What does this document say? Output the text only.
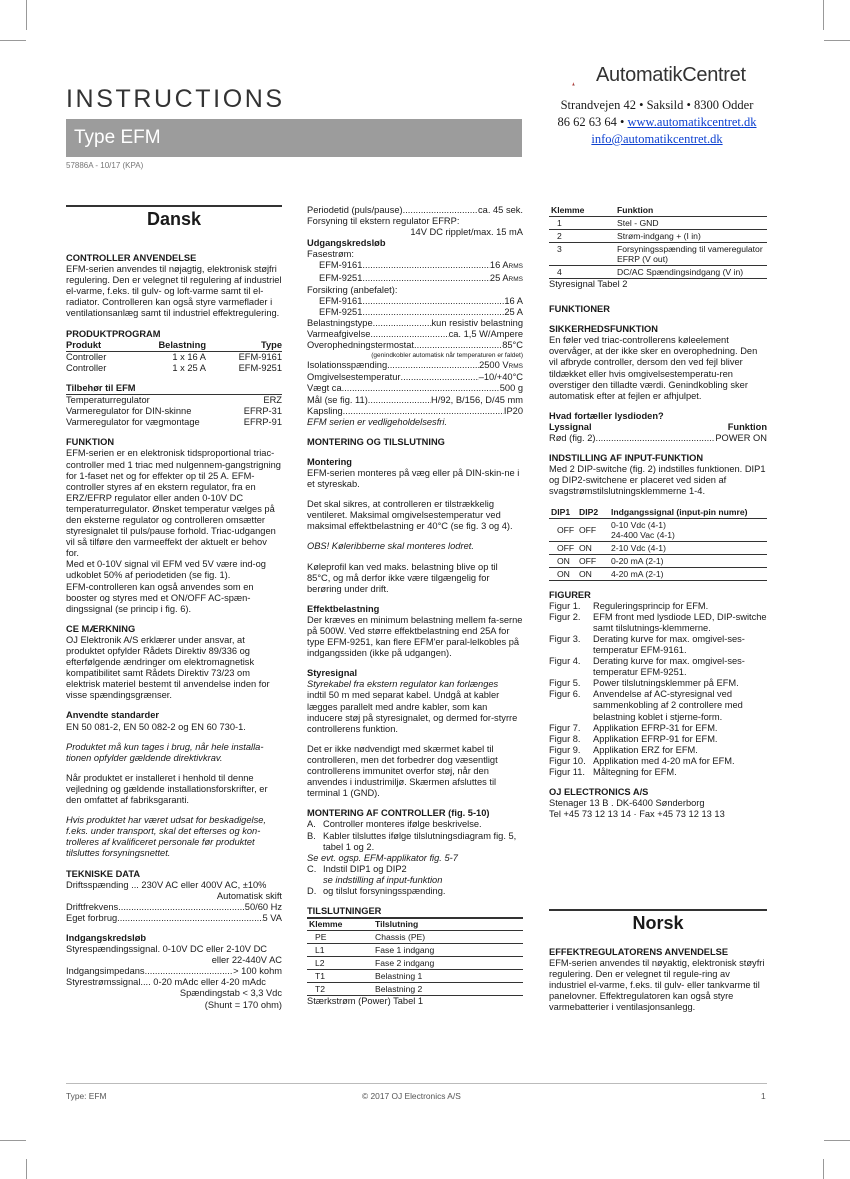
INSTRUCTIONS
Type EFM
57886A - 10/17 (KPA)
AutomatikCentret
Strandvejen 42 • Saksild • 8300 Odder
86 62 63 64 • www.automatikcentret.dk
info@automatikcentret.dk
Dansk
CONTROLLER ANVENDELSE

EFM-serien anvendes til nøjagtig, elektronisk støjfri regulering. Den er velegnet til regulering af industriel el-varme, f.eks. til gulv- og loft-varme samt til el-radiator. Controlleren kan også styre varmeflader i ventilationsanlæg samt til industriel effektregulering.

PRODUKTPROGRAM
Produkt	Belastning	Type
Controller	1 x 16 A	EFM-9161
Controller	1 x 25 A	EFM-9251
Tilbehør til EFM
Temperaturregulator	ERZ
Varmeregulator for DIN-skinne	EFRP-31
Varmeregulator for vægmontage	EFRP-91
FUNKTION

EFM-serien er en elektronisk tidsproportional triac-controller med 1 triac med nulgennem-gangstrigning for 1-faset net og for effekter op til 25 A. EFM-controller styres af en ekstern regulator, fra en ERZ/EFRP regulator eller anden 0-10V DC temperaturregulator. Ønsket temperatur vælges på den eksterne regulator og controlleren omsætter styresignalet til puls/pause forhold. Triac-udgangen vil så tilføre den varmeeffekt der aktuelt er behov for.

Med et 0-10V signal vil EFM ved 5V være ind-og udkoblet 50% af periodetiden (se fig. 1).

EFM-controlleren kan også anvendes som en booster og styres med et ON/OFF AC-spæn-dingssignal (se princip i fig. 6).

CE MÆRKNING

OJ Elektronik A/S erklærer under ansvar, at produktet opfylder Rådets Direktiv 89/336 og efterfølgende ændringer om elektromagnetisk kompatibilitet samt Rådets Direktiv 73/23 om elektrisk materiel bestemt til anvendelse inden for visse spændingsgrænser.

Anvendte standarder

EN 50 081-2, EN 50 082-2 og EN 60 730-1.

Produktet må kun tages i brug, når hele installa-tionen opfylder gældende direktivkrav.

Når produktet er installeret i henhold til denne vejledning og gældende installationsforskrifter, er den omfattet af fabriksgaranti.

Hvis produktet har været udsat for beskadigelse, f.eks. under transport, skal det efterses og kon-trolleres af kvalificeret personale før produktet tilsluttes forsyningsnettet.

TEKNISKE DATA

Driftsspænding ... 230V AC eller 400V AC, ±10%

Automatisk skift

Driftfrekvens .....	50/60 Hz
Eget forbrug .....	5 VA
Indgangskredsløb

Styrespændingssignal. 0-10V DC eller 2-10V DC

eller 22-440V AC

Indgangsimpedans .....	> 100 kohm

Styrestrømssignal.... 0-20 mAdc eller 4-20 mAdc

Spændingstab < 3,3 Vdc

(Shunt = 170 ohm)

Periodetid (puls/pause) .....	ca. 45 sek.

Forsyning til ekstern regulator EFRP:

14V DC ripplet/max. 15 mA

Udgangskredsløb

Fasestrøm:

EFM-9161 .....	16 ARMS
EFM-9251 .....	25 ARMS

Forsikring (anbefalet):

EFM-9161 .....	16 A
EFM-9251 .....	25 A
Belastningstype .....	kun resistiv belastning
Varmeafgivelse .....	ca. 1,5 W/Ampere
Overophedningstermostat .....	85°C

(genindkobler automatisk når temperaturen er faldet)

Isolationsspænding .....	2500 VRMS
Omgivelsestemperatur .....	–10/+40°C
Vægt ca. .....	500 g
Mål (se fig. 11) .....	H/92, B/156, D/45 mm
Kapsling .....	IP20

EFM serien er vedligeholdelsesfri.

MONTERING OG TILSLUTNING
Montering

EFM-serien monteres på væg eller på DIN-skin-ne i et styreskab.

Det skal sikres, at controlleren er tilstrækkelig ventileret. Maksimal omgivelsestemperatur ved maksimal effektbelastning er 40°C (se fig. 3 og 4).

OBS! Køleribberne skal monteres lodret.

Køleprofil kan ved maks. belastning blive op til 85°C, og må derfor ikke være tilgængelig for berøring under drift.

Effektbelastning

Der kræves en minimum belastning mellem fa-serne på 500W. Ved større effektbelastning end 25A for type EFM-9251, kan flere EFM'er paral-lelkobles på indgangssiden (ikke på udgangen).

Styresignal

Styrekabel fra ekstern regulator kan forlænges

indtil 50 m med separat kabel. Undgå at kabler lægges parallelt med andre kabler, som kan inducere støj på styresignalet, og dermed for-styrre controllerens funktion.

Det er ikke nødvendigt med skærmet kabel til controlleren, men det forbedrer dog væsentligt controllerens immunitet overfor støj, når den anvendes i industrimiljø. Skærmen afsluttes til terminal 1 (GND).

MONTERING AF CONTROLLER (fig. 5-10)
A. Controller monteres ifølge beskrivelse.
B. Kabler tilsluttes ifølge tilslutningsdiagram fig. 5, tabel 1 og 2.

Se evt. ogsp. EFM-applikator fig. 5-7

C. Indstil DIP1 og DIP2

se indstilling af input-funktion

D. og tilslut forsyningsspænding.
TILSLUTNINGER
Klemme	Tilslutning
PE	Chassis (PE)
L1	Fase 1 indgang
L2	Fase 2 indgang
T1	Belastning 1
T2	Belastning 2

Stærkstrøm (Power) Tabel 1

Klemme	Funktion
1	Stel - GND
2	Strøm-indgang + (I in)
3	Forsyningsspænding til vameregulator EFRP (V out)
4	DC/AC Spændingsindgang (V in)

Styresignal Tabel 2

FUNKTIONER
SIKKERHEDSFUNKTION

En føler ved triac-controllerens køleelement overvåger, at der ikke sker en overophedning. Den vil afbryde controller, dersom den ved fejl bliver tildækket eller hvis omgivelsestemperatu-ren overstiger den tilladte værdi. Genindkobling sker automatisk efter at fejlen er afhjulpet.

Hvad fortæller lysdioden?
Lyssignal	Funktion
Rød (fig. 2) .....	POWER ON
INDSTILLING AF INPUT-FUNKTION

Med 2 DIP-switche (fig. 2) indstilles funktionen. DIP1 og DIP2-switchene er placeret ved siden af svagstrømstilslutningsklemmerne 1-4.

DIP1	DIP2	Indgangssignal (input-pin numre)
OFF	OFF	0-10 Vdc (4-1)
24-400 Vac (4-1)
OFF	ON	2-10 Vdc (4-1)
ON	OFF	0-20 mA (2-1)
ON	ON	4-20 mA (2-1)
FIGURER
Figur 1.	Reguleringsprincip for EFM.
Figur 2.	EFM front med lysdiode LED, DIP-switche samt tilslutnings-klemmerne.
Figur 3.	Derating kurve for max. omgivel-ses-temperatur EFM-9161.
Figur 4.	Derating kurve for max. omgivel-ses-temperatur EFM-9251.
Figur 5.	Power tilslutningsklemmer på EFM.
Figur 6.	Anvendelse af AC-styresignal ved sammenkobling af 2 controllere med belastning koblet i stjerne-form.
Figur 7.	Applikation EFRP-31 for EFM.
Figur 8.	Applikation EFRP-91 for EFM.
Figur 9.	Applikation ERZ for EFM.
Figur 10. Applikation med 4-20 mA for EFM.
Figur 11. Måltegning for EFM.
OJ ELECTRONICS A/S

Stenager 13 B . DK-6400 Sønderborg

Tel +45 73 12 13 14 · Fax +45 73 12 13 13

Norsk
EFFEKTREGULATORENS ANVENDELSE

EFM-serien anvendes til nøyaktig, elektronisk støyfri regulering. Den er velegnet til regule-ring av industriel el-varme, f.eks. til gulv- eller tankvarme til panelovner. Effektregulatoren kan også styre varmebatterier i ventilasjonsanlegg.

Type: EFM	© 2017 OJ Electronics A/S	1
